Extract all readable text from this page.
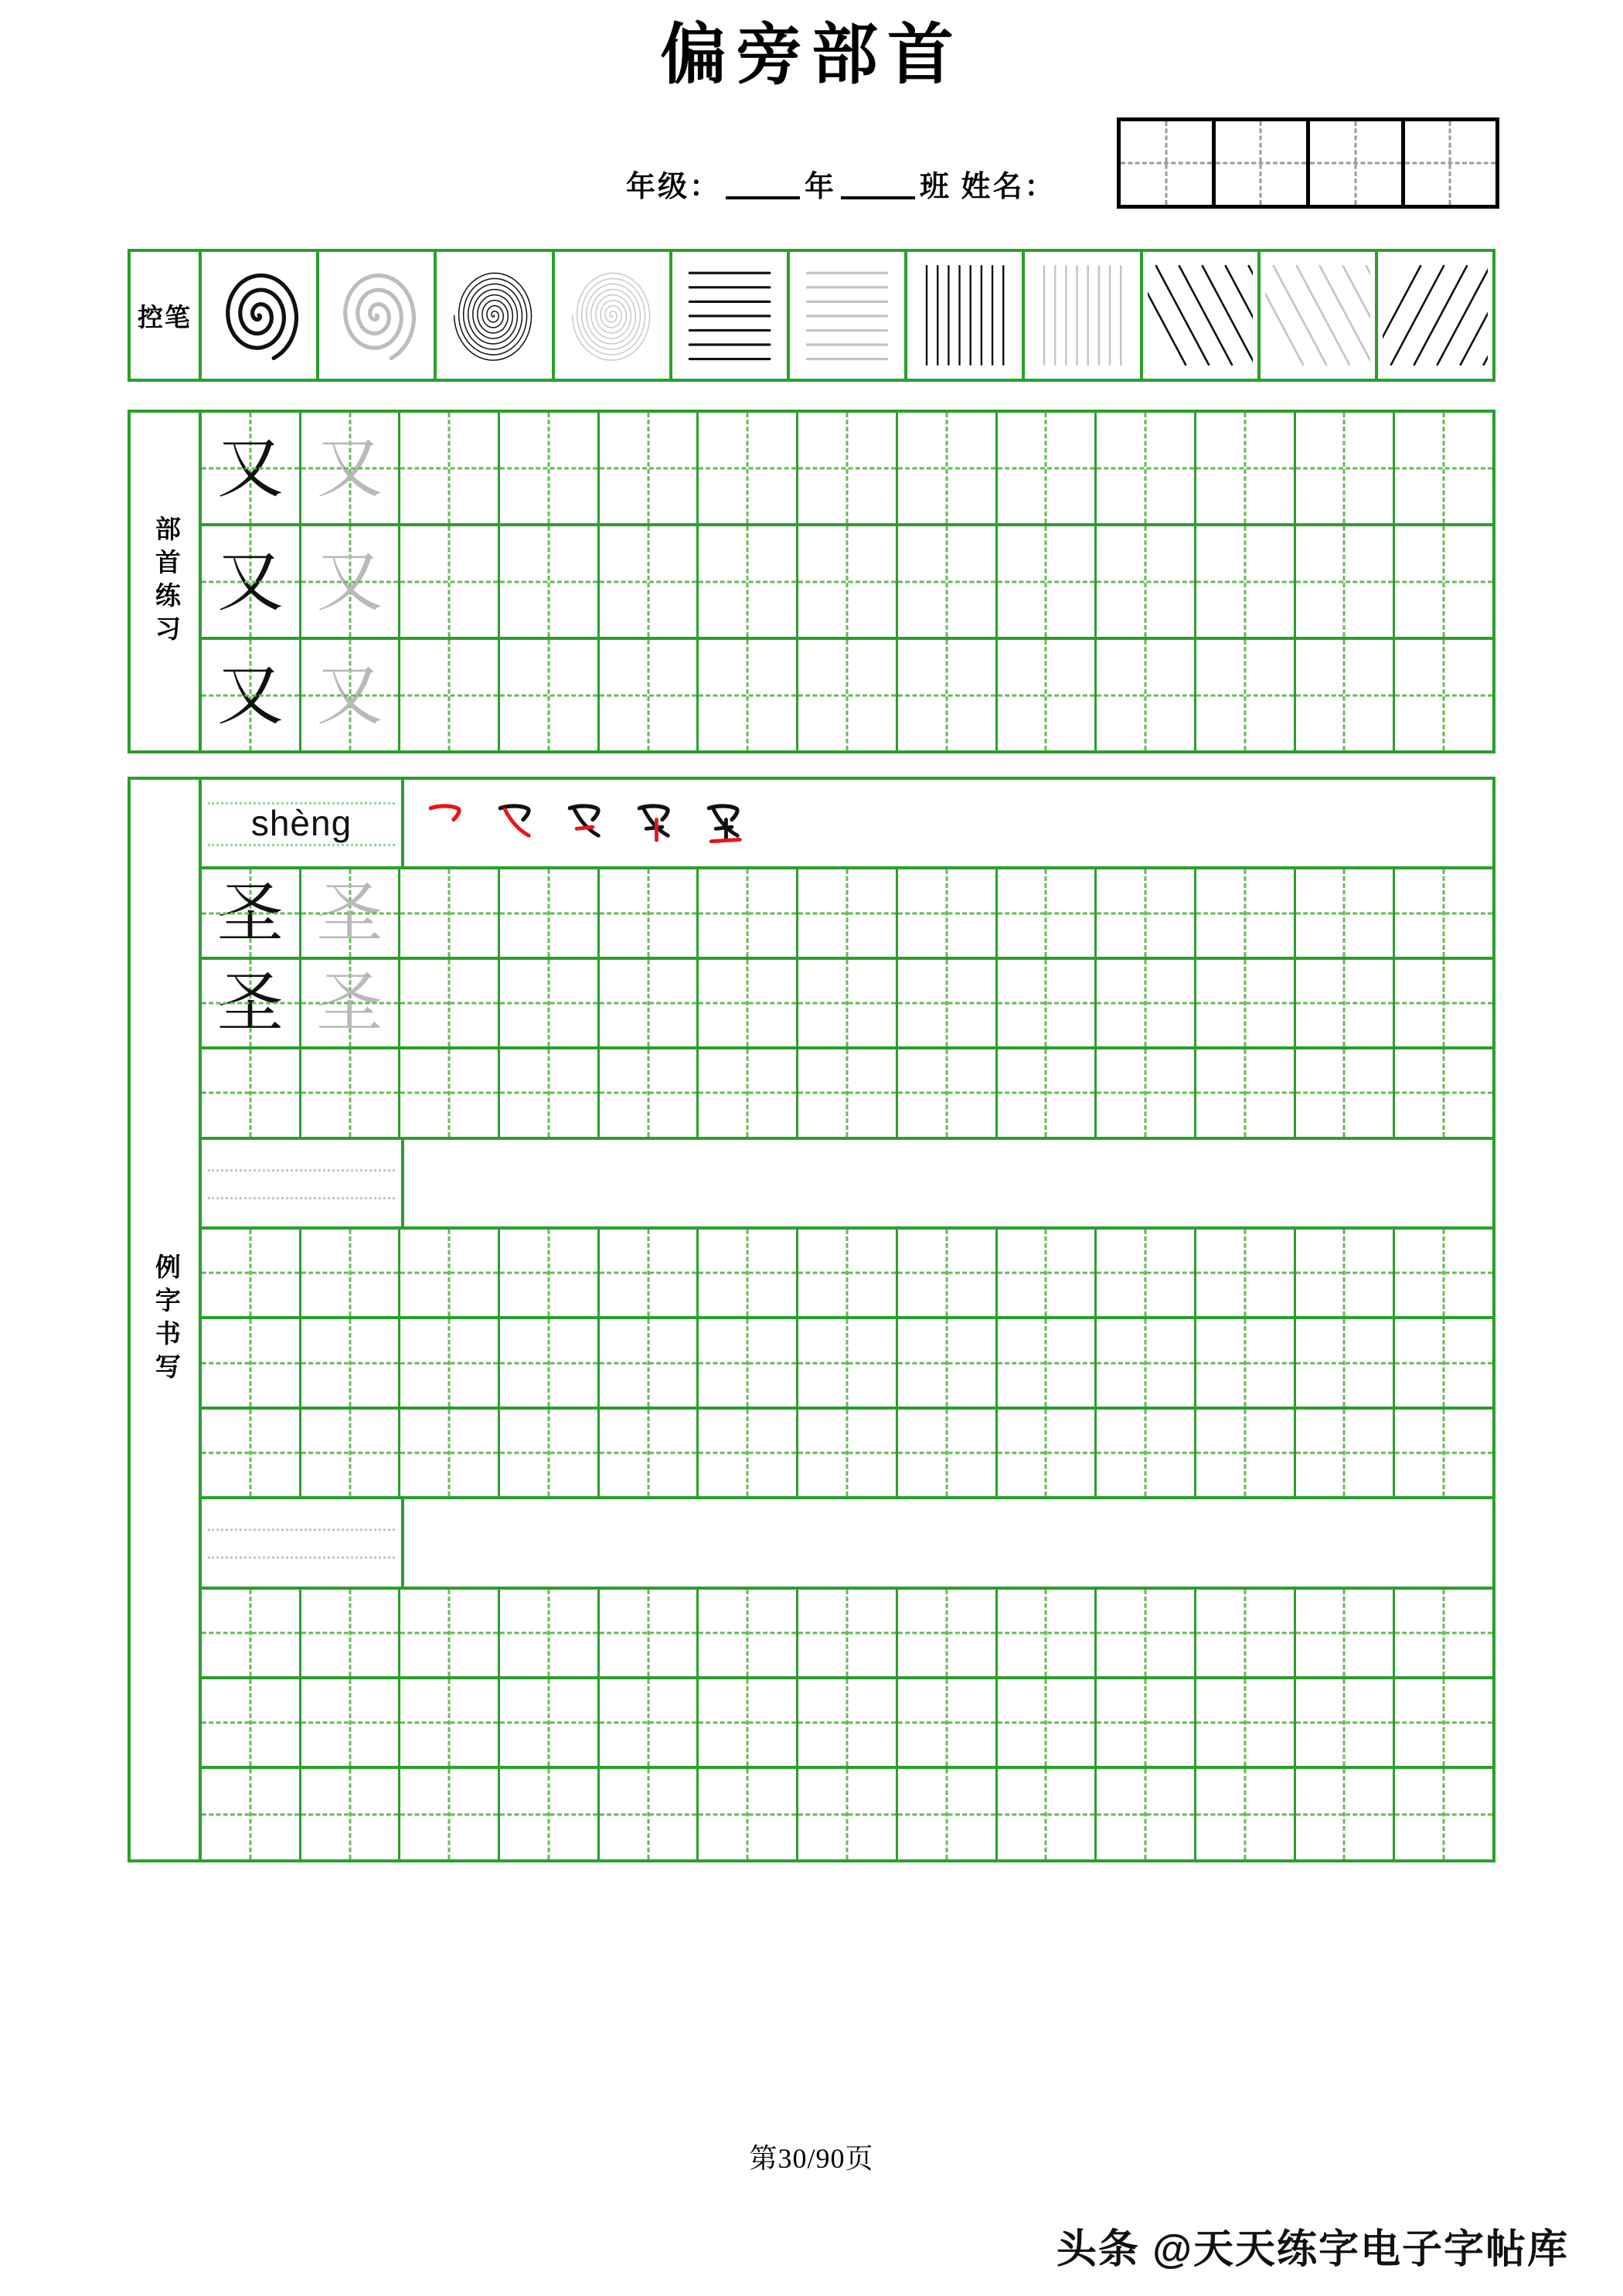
偏旁部首
年级：	年	班 姓名：
控笔
部首练习
又 又
又 又
又 又
例字书写
shèng
圣 圣
圣 圣
第30/90页
头条 @天天练字电子字帖库
